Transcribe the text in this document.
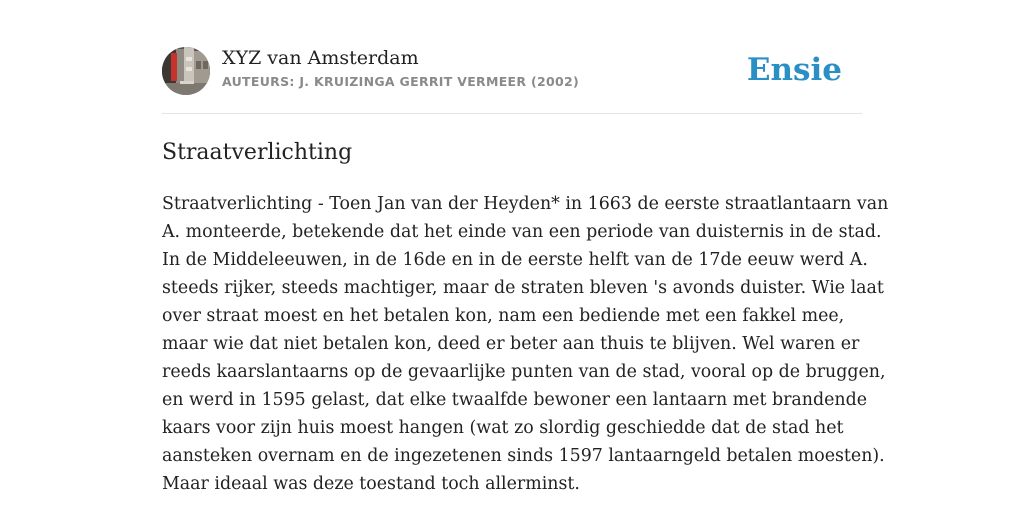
XYZ van Amsterdam
AUTEURS: J. KRUIZINGA GERRIT VERMEER (2002)	Ensie
Straatverlichting
Straatverlichting - Toen Jan van der Heyden* in 1663 de eerste straatlantaarn van
A. monteerde, betekende dat het einde van een periode van duisternis in de stad.
In de Middeleeuwen, in de 16de en in de eerste helft van de 17de eeuw werd A.
steeds rijker, steeds machtiger, maar de straten bleven 's avonds duister. Wie laat
over straat moest en het betalen kon, nam een bediende met een fakkel mee,
maar wie dat niet betalen kon, deed er beter aan thuis te blijven. Wel waren er
reeds kaarslantaarns op de gevaarlijke punten van de stad, vooral op de bruggen,
en werd in 1595 gelast, dat elke twaalfde bewoner een lantaarn met brandende
kaars voor zijn huis moest hangen (wat zo slordig geschiedde dat de stad het
aansteken overnam en de ingezetenen sinds 1597 lantaarngeld betalen moesten).
Maar ideaal was deze toestand toch allerminst.
